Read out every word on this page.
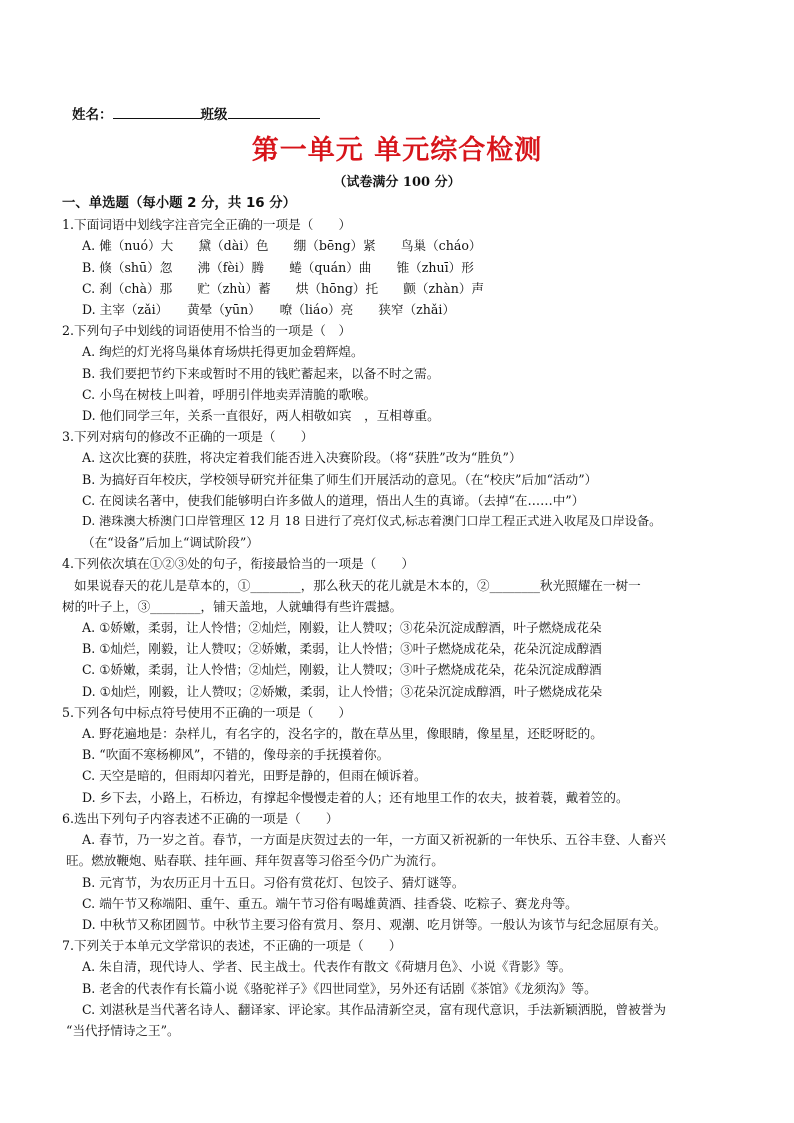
姓名：	班级
第一单元 单元综合检测
（试卷满分 100 分）
一、单选题（每小题 2 分，共 16 分）

1.下面词语中划线字注音完全正确的一项是（　　）

A. 傩（nuó）大　　黛（dài）色　　绷（bēng）紧　　鸟巢（cháo）

B. 倏（shū）忽　　沸（fèi）腾　　蜷（quán）曲　　锥（zhuī）形

C. 刹（chà）那　　贮（zhù）蓄　　烘（hōng）托　　颤（zhàn）声

D. 主宰（zǎi）　　黄晕（yūn）　　嘹（liáo）亮　　狭窄（zhǎi）

2.下列句子中划线的词语使用不恰当的一项是（　）

A. 绚烂的灯光将鸟巢体育场烘托得更加金碧辉煌。

B. 我们要把节约下来或暂时不用的钱贮蓄起来，以备不时之需。

C. 小鸟在树枝上叫着，呼朋引伴地卖弄清脆的歌喉。

D. 他们同学三年，关系一直很好，两人相敬如宾　，互相尊重。

3.下列对病句的修改不正确的一项是（　　）

A. 这次比赛的获胜，将决定着我们能否进入决赛阶段。（将“获胜”改为“胜负”）

B. 为搞好百年校庆，学校领导研究并征集了师生们开展活动的意见。（在“校庆”后加“活动”）

C. 在阅读名著中，使我们能够明白许多做人的道理，悟出人生的真谛。（去掉“在……中”）

D. 港珠澳大桥澳门口岸管理区 12 月 18 日进行了亮灯仪式,标志着澳门口岸工程正式进入收尾及口岸设备。

（在“设备”后加上“调试阶段”）

4.下列依次填在①②③处的句子，衔接最恰当的一项是（　　）

如果说春天的花儿是草本的，①________，那么秋天的花儿就是木本的，②________秋光照耀在一树一

树的叶子上，③________，铺天盖地，人就蛐得有些许震撼。

A. ①娇嫩，柔弱，让人怜惜；②灿烂，刚毅，让人赞叹；③花朵沉淀成醇酒，叶子燃烧成花朵

B. ①灿烂，刚毅，让人赞叹；②娇嫩，柔弱，让人怜惜；③叶子燃烧成花朵，花朵沉淀成醇酒

C. ①娇嫩，柔弱，让人怜惜；②灿烂，刚毅，让人赞叹；③叶子燃烧成花朵，花朵沉淀成醇酒

D. ①灿烂，刚毅，让人赞叹；②娇嫩，柔弱，让人怜惜；③花朵沉淀成醇酒，叶子燃烧成花朵

5.下列各句中标点符号使用不正确的一项是（　　）

A. 野花遍地是：杂样儿，有名字的，没名字的，散在草丛里，像眼睛，像星星，还眨呀眨的。

B. “吹面不寒杨柳风”，不错的，像母亲的手抚摸着你。

C. 天空是暗的，但雨却闪着光，田野是静的，但雨在倾诉着。

D. 乡下去，小路上，石桥边，有撑起伞慢慢走着的人；还有地里工作的农夫，披着蓑，戴着笠的。

6.选出下列句子内容表述不正确的一项是（　　）

A. 春节，乃一岁之首。春节，一方面是庆贺过去的一年，一方面又祈祝新的一年快乐、五谷丰登、人畜兴

旺。燃放鞭炮、贴春联、挂年画、拜年贺喜等习俗至今仍广为流行。

B. 元宵节，为农历正月十五日。习俗有赏花灯、包饺子、猜灯谜等。

C. 端午节又称端阳、重午、重五。端午节习俗有喝雄黄酒、挂香袋、吃粽子、赛龙舟等。

D. 中秋节又称团圆节。中秋节主要习俗有赏月、祭月、观潮、吃月饼等。一般认为该节与纪念屈原有关。

7.下列关于本单元文学常识的表述，不正确的一项是（　　）

A. 朱自清，现代诗人、学者、民主战士。代表作有散文《荷塘月色》、小说《背影》等。

B. 老舍的代表作有长篇小说《骆驼祥子》《四世同堂》，另外还有话剧《茶馆》《龙须沟》等。

C. 刘湛秋是当代著名诗人、翻译家、评论家。其作品清新空灵，富有现代意识，手法新颖洒脱，曾被誉为

“当代抒情诗之王”。
